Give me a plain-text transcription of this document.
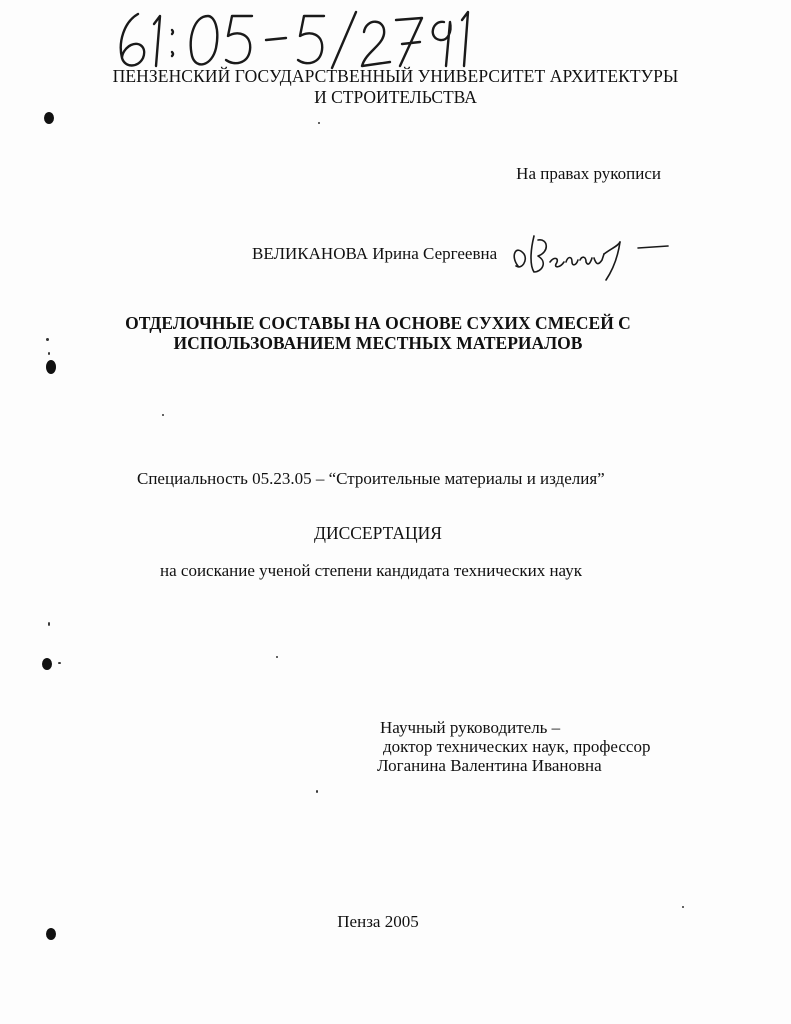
ПЕНЗЕНСКИЙ ГОСУДАРСТВЕННЫЙ УНИВЕРСИТЕТ АРХИТЕКТУРЫ
И СТРОИТЕЛЬСТВА
На правах рукописи
ВЕЛИКАНОВА Ирина Сергеевна
ОТДЕЛОЧНЫЕ СОСТАВЫ НА ОСНОВЕ СУХИХ СМЕСЕЙ С
ИСПОЛЬЗОВАНИЕМ МЕСТНЫХ МАТЕРИАЛОВ
Специальность 05.23.05 – “Строительные материалы и изделия”
ДИССЕРТАЦИЯ
на соискание ученой степени кандидата технических наук
Научный руководитель –
доктор технических наук, профессор
Логанина Валентина Ивановна
Пенза 2005
